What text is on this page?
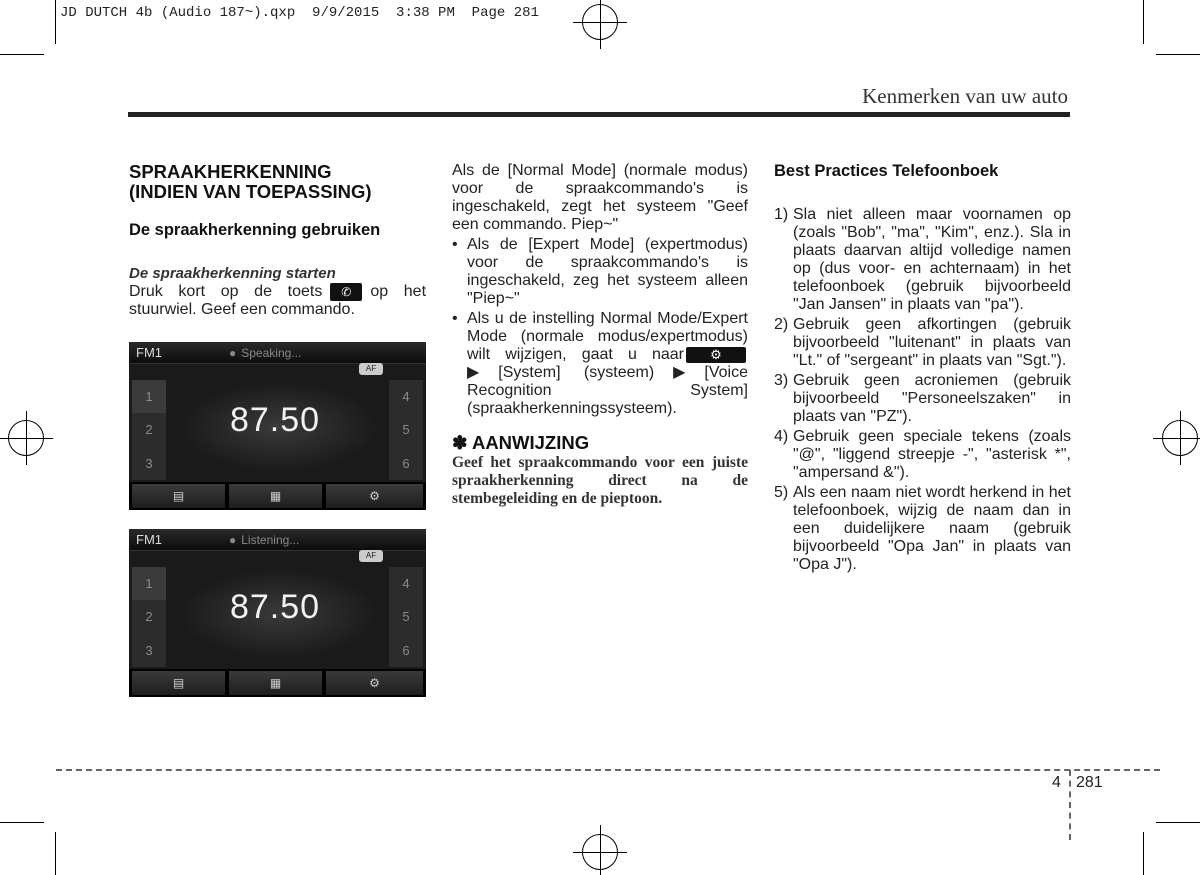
JD DUTCH 4b (Audio 187~).qxp  9/9/2015  3:38 PM  Page 281
Kenmerken van uw auto
SPRAAKHERKENNING
(INDIEN VAN TOEPASSING)
De spraakherkenning gebruiken
De spraakherkenning starten
Druk kort op de toets ✆ op het stuurwiel. Geef een commando.
FM1	● Speaking...
AF
1
2
3
4
5
6
87.50
▤	▦	⚙
FM1	● Listening...
AF
1
2
3
4
5
6
87.50
▤	▦	⚙
Als de [Normal Mode] (normale modus) voor de spraakcommando's is ingeschakeld, zegt het systeem "Geef een commando. Piep~"
• Als de [Expert Mode] (expertmodus) voor de spraakcommando's is ingeschakeld, zeg het systeem alleen "Piep~"
• Als u de instelling Normal Mode/Expert Mode (normale modus/expertmodus) wilt wijzigen, gaat u naar ⚙▶[System] (systeem)▶[Voice Recognition System] (spraakherkenningssysteem).
✽ AANWIJZING
Geef het spraakcommando voor een juiste spraakherkenning direct na de stembegeleiding en de pieptoon.
Best Practices Telefoonboek
1) Sla niet alleen maar voornamen op (zoals "Bob", "ma", "Kim", enz.). Sla in plaats daarvan altijd volledige namen op (dus voor- en achternaam) in het telefoonboek (gebruik bijvoorbeeld "Jan Jansen" in plaats van "pa").
2) Gebruik geen afkortingen (gebruik bijvoorbeeld "luitenant" in plaats van "Lt." of "sergeant" in plaats van "Sgt.").
3) Gebruik geen acroniemen (gebruik bijvoorbeeld "Personeelszaken" in plaats van "PZ").
4) Gebruik geen speciale tekens (zoals "@", "liggend streepje -", "asterisk *", "ampersand &").
5) Als een naam niet wordt herkend in het telefoonboek, wijzig de naam dan in een duidelijkere naam (gebruik bijvoorbeeld "Opa Jan" in plaats van "Opa J").
4 281
